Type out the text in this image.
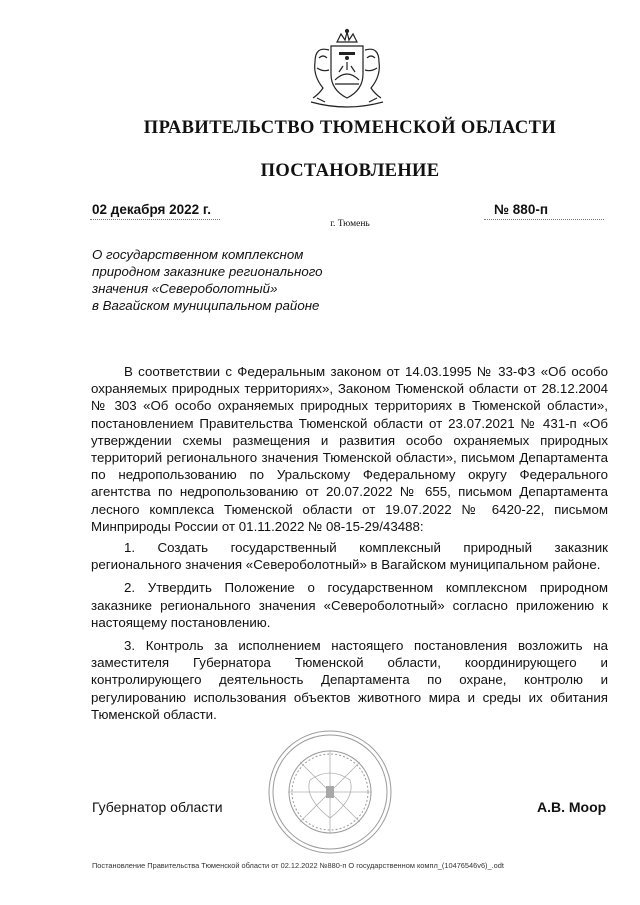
ПРАВИТЕЛЬСТВО ТЮМЕНСКОЙ ОБЛАСТИ
ПОСТАНОВЛЕНИЕ
02 декабря 2022 г.	№ 880-п
г. Тюмень
О государственном комплексном
природном заказнике регионального
значения «Североболотный»
в Вагайском муниципальном районе

В соответствии с Федеральным законом от 14.03.1995 № 33-ФЗ «Об особо охраняемых природных территориях», Законом Тюменской области от 28.12.2004 № 303 «Об особо охраняемых природных территориях в Тюменской области», постановлением Правительства Тюменской области от 23.07.2021 № 431-п «Об утверждении схемы размещения и развития особо охраняемых природных территорий регионального значения Тюменской области», письмом Департамента по недропользованию по Уральскому Федеральному округу Федерального агентства по недропользованию от 20.07.2022 № 655, письмом Департамента лесного комплекса Тюменской области от 19.07.2022 № 6420-22, письмом Минприроды России от 01.11.2022 № 08-15-29/43488:

1. Создать государственный комплексный природный заказник регионального значения «Североболотный» в Вагайском муниципальном районе.

2. Утвердить Положение о государственном комплексном природном заказнике регионального значения «Североболотный» согласно приложению к настоящему постановлению.

3. Контроль за исполнением настоящего постановления возложить на заместителя Губернатора Тюменской области, координирующего и контролирующего деятельность Департамента по охране, контролю и регулированию использования объектов животного мира и среды их обитания Тюменской области.

Губернатор области	А.В. Моор
Постановление Правительства Тюменской области от 02.12.2022 №880-п О государственном компл_(10476546v6)_.odt
